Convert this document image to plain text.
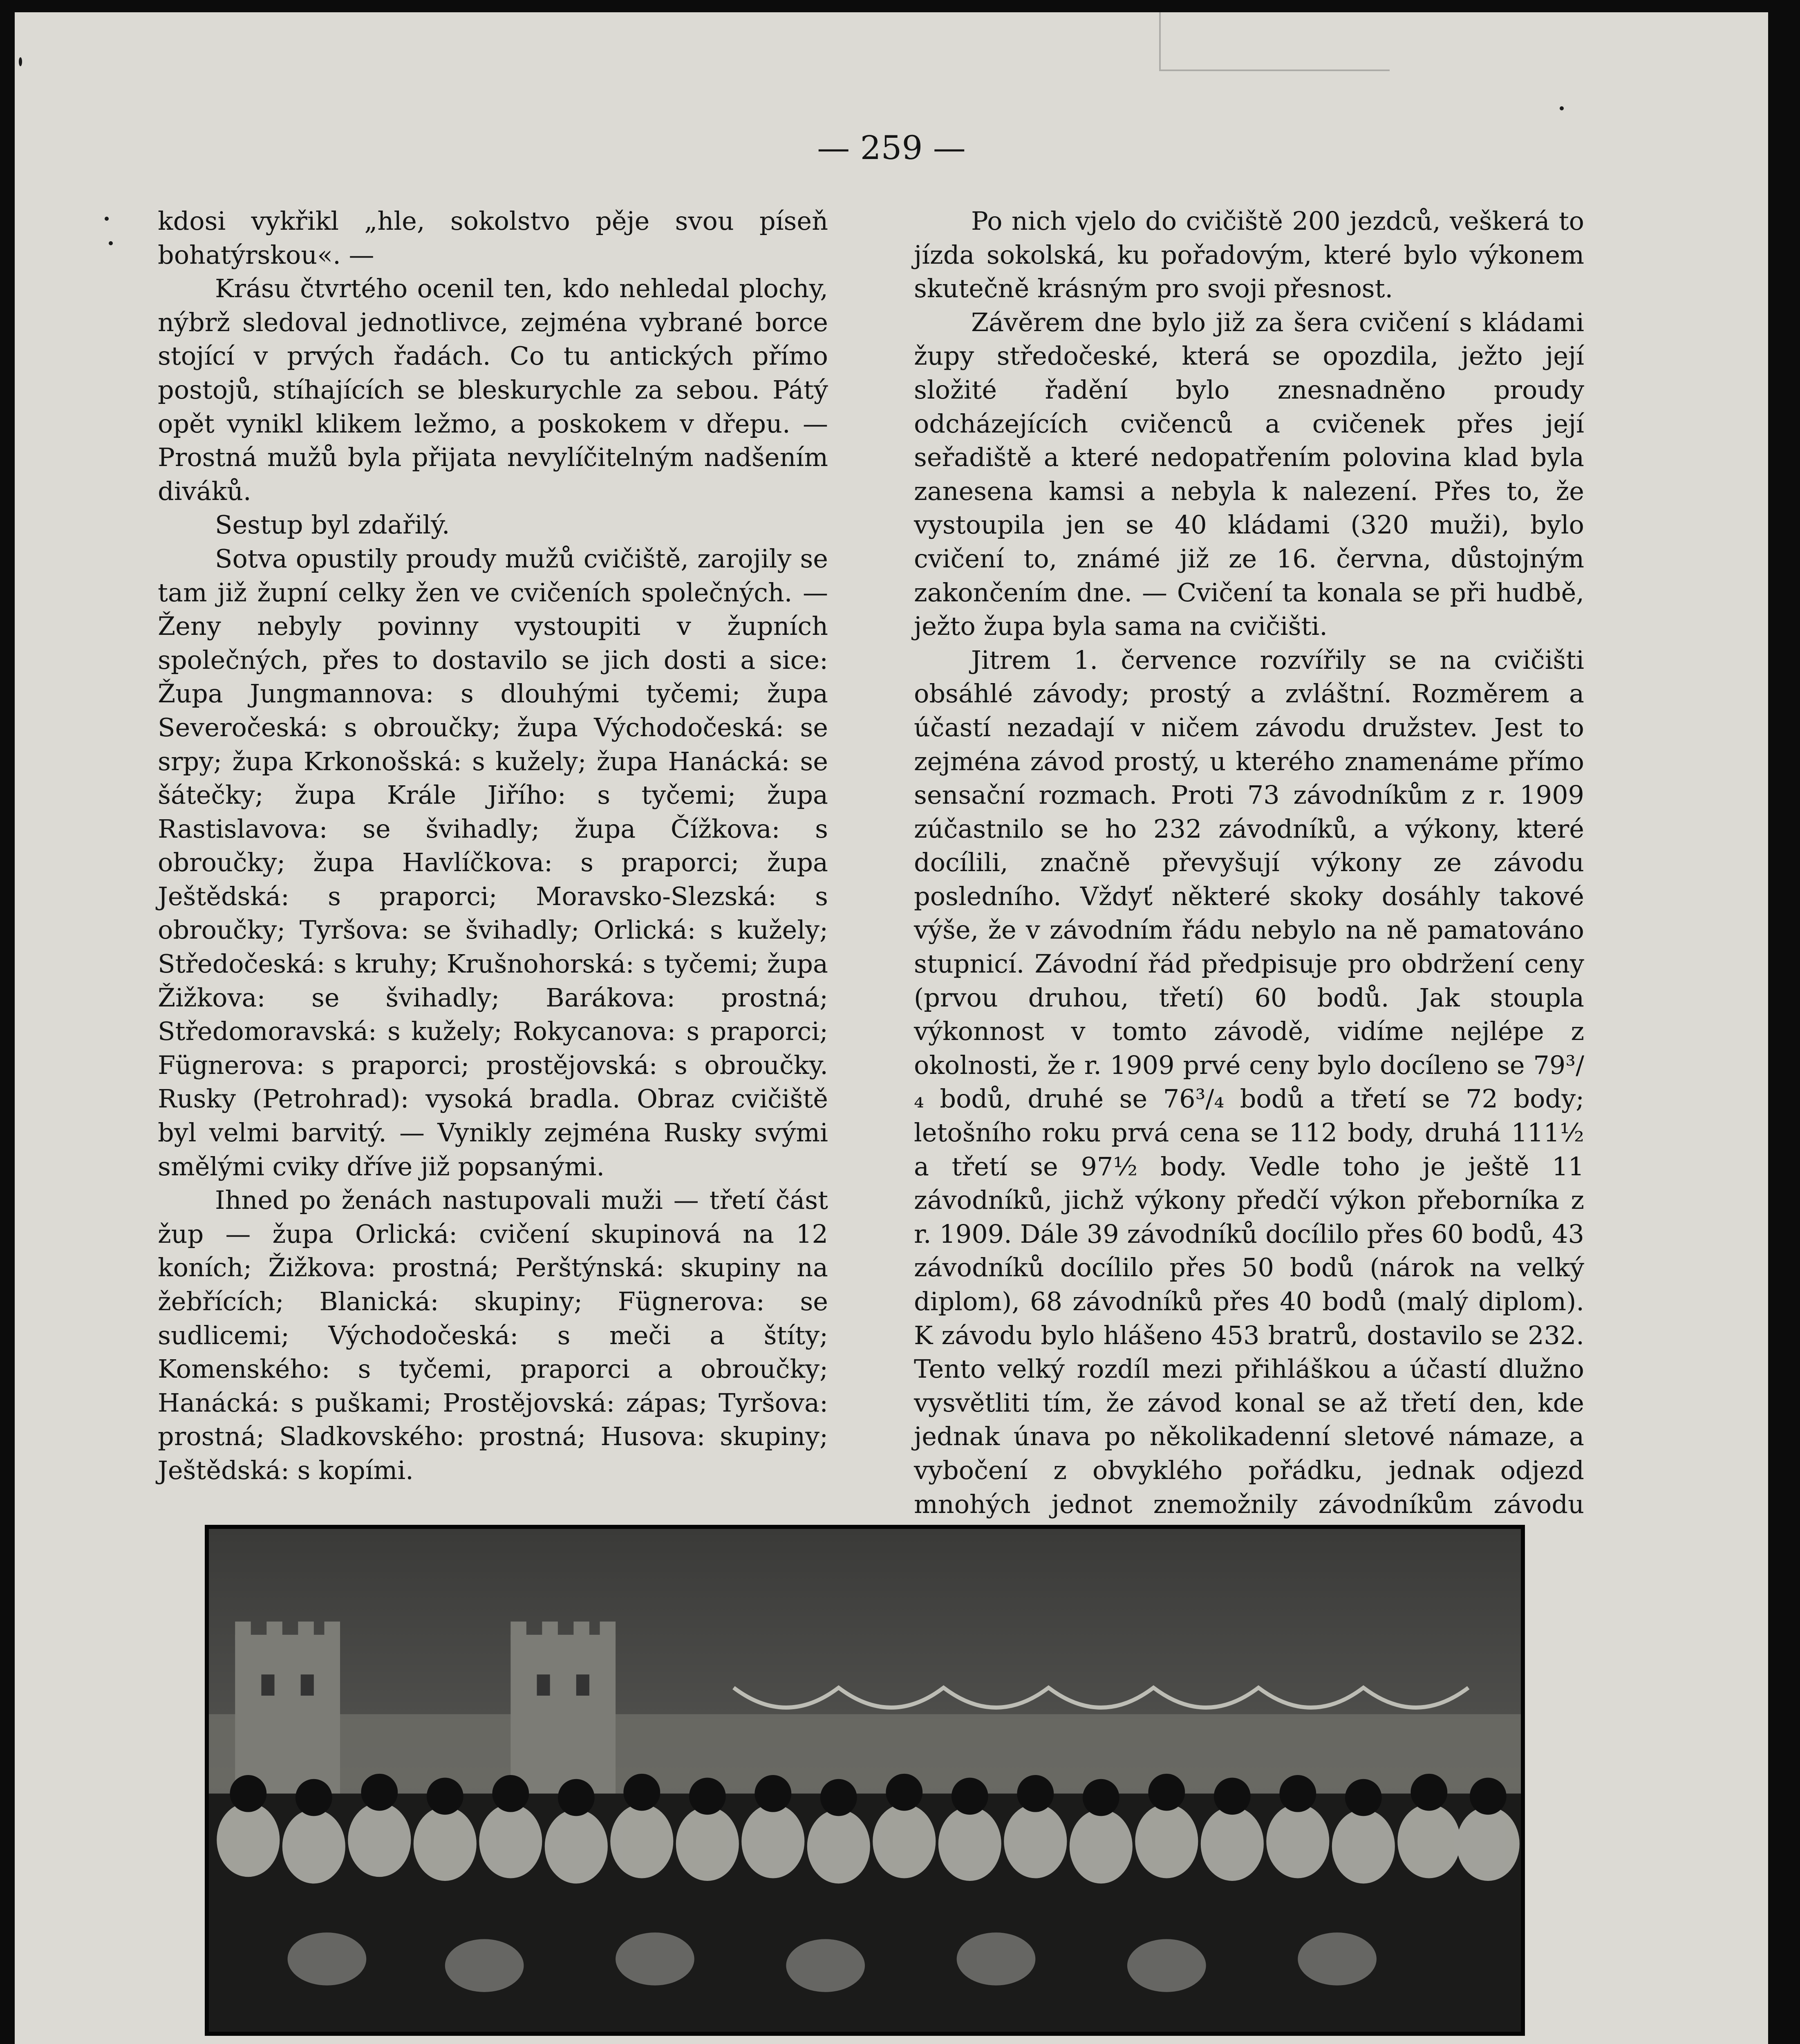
— 259 —

kdosi vykřikl „hle, sokolstvo pěje svou píseň bohatýrskou«. —

Krásu čtvrtého ocenil ten, kdo nehledal plochy, nýbrž sledoval jednotlivce, zejména vybrané borce stojící v prvých řadách. Co tu antických přímo postojů, stíhajících se bleskurychle za sebou. Pátý opět vynikl klikem ležmo, a poskokem v dřepu. — Prostná mužů byla přijata nevylíčitelným nadšením diváků.

Sestup byl zdařilý.

Sotva opustily proudy mužů cvičiště, zarojily se tam již župní celky žen ve cvičeních společných. — Ženy nebyly povinny vystoupiti v župních společných, přes to dostavilo se jich dosti a sice: Župa Jungmannova: s dlouhými tyčemi; župa Severočeská: s obroučky; župa Východočeská: se srpy; župa Krkonošská: s kužely; župa Hanácká: se šátečky; župa Krále Jiřího: s tyčemi; župa Rastislavova: se švihadly; župa Čížkova: s obroučky; župa Havlíčkova: s praporci; župa Ještědská: s praporci; Moravsko-Slezská: s obroučky; Tyršova: se švihadly; Orlická: s kužely; Středočeská: s kruhy; Krušnohorská: s tyčemi; župa Žižkova: se švihadly; Barákova: prostná; Středomoravská: s kužely; Rokycanova: s praporci; Fügnerova: s praporci; prostějovská: s obroučky. Rusky (Petrohrad): vysoká bradla. Obraz cvičiště byl velmi barvitý. — Vynikly zejména Rusky svými smělými cviky dříve již popsanými.

Ihned po ženách nastupovali muži — třetí část žup — župa Orlická: cvičení skupinová na 12 koních; Žižkova: prostná; Perštýnská: skupiny na žebřících; Blanická: skupiny; Fügnerova: se sudlicemi; Východočeská: s meči a štíty; Komenského: s tyčemi, praporci a obroučky; Hanácká: s puškami; Prostějovská: zápas; Tyršova: prostná; Sladkovského: prostná; Husova: skupiny; Ještědská: s kopími.

Po nich vjelo do cvičiště 200 jezdců, veškerá to jízda sokolská, ku pořadovým, které bylo výkonem skutečně krásným pro svoji přesnost.

Závěrem dne bylo již za šera cvičení s kládami župy středočeské, která se opozdila, ježto její složité řadění bylo znesnadněno proudy odcházejících cvičenců a cvičenek přes její seřadiště a které nedopatřením polovina klad byla zanesena kamsi a nebyla k nalezení. Přes to, že vystoupila jen se 40 kládami (320 muži), bylo cvičení to, známé již ze 16. června, důstojným zakončením dne. — Cvičení ta konala se při hudbě, ježto župa byla sama na cvičišti.

Jitrem 1. července rozvířily se na cvičišti obsáhlé závody; prostý a zvláštní. Rozměrem a účastí nezadají v ničem závodu družstev. Jest to zejména závod prostý, u kterého znamenáme přímo sensační rozmach. Proti 73 závodníkům z r. 1909 zúčastnilo se ho 232 závodníků, a výkony, které docílili, značně převyšují výkony ze závodu posledního. Vždyť některé skoky dosáhly takové výše, že v závodním řádu nebylo na ně pamatováno stupnicí. Závodní řád předpisuje pro obdržení ceny (prvou druhou, třetí) 60 bodů. Jak stoupla výkonnost v tomto závodě, vidíme nejlépe z okolnosti, že r. 1909 prvé ceny bylo docíleno se 79³/₄ bodů, druhé se 76³/₄ bodů a třetí se 72 body; letošního roku prvá cena se 112 body, druhá 111½ a třetí se 97½ body. Vedle toho je ještě 11 závodníků, jichž výkony předčí výkon přeborníka z r. 1909. Dále 39 závodníků docílilo přes 60 bodů, 43 závodníků docílilo přes 50 bodů (nárok na velký diplom), 68 závodníků přes 40 bodů (malý diplom). K závodu bylo hlášeno 453 bratrů, dostavilo se 232. Tento velký rozdíl mezi přihláškou a účastí dlužno vysvětliti tím, že závod konal se až třetí den, kde jednak únava po několikadenní sletové námaze, a vybočení z obvyklého pořádku, jednak odjezd mnohých jednot znemožnily závodníkům závodu
